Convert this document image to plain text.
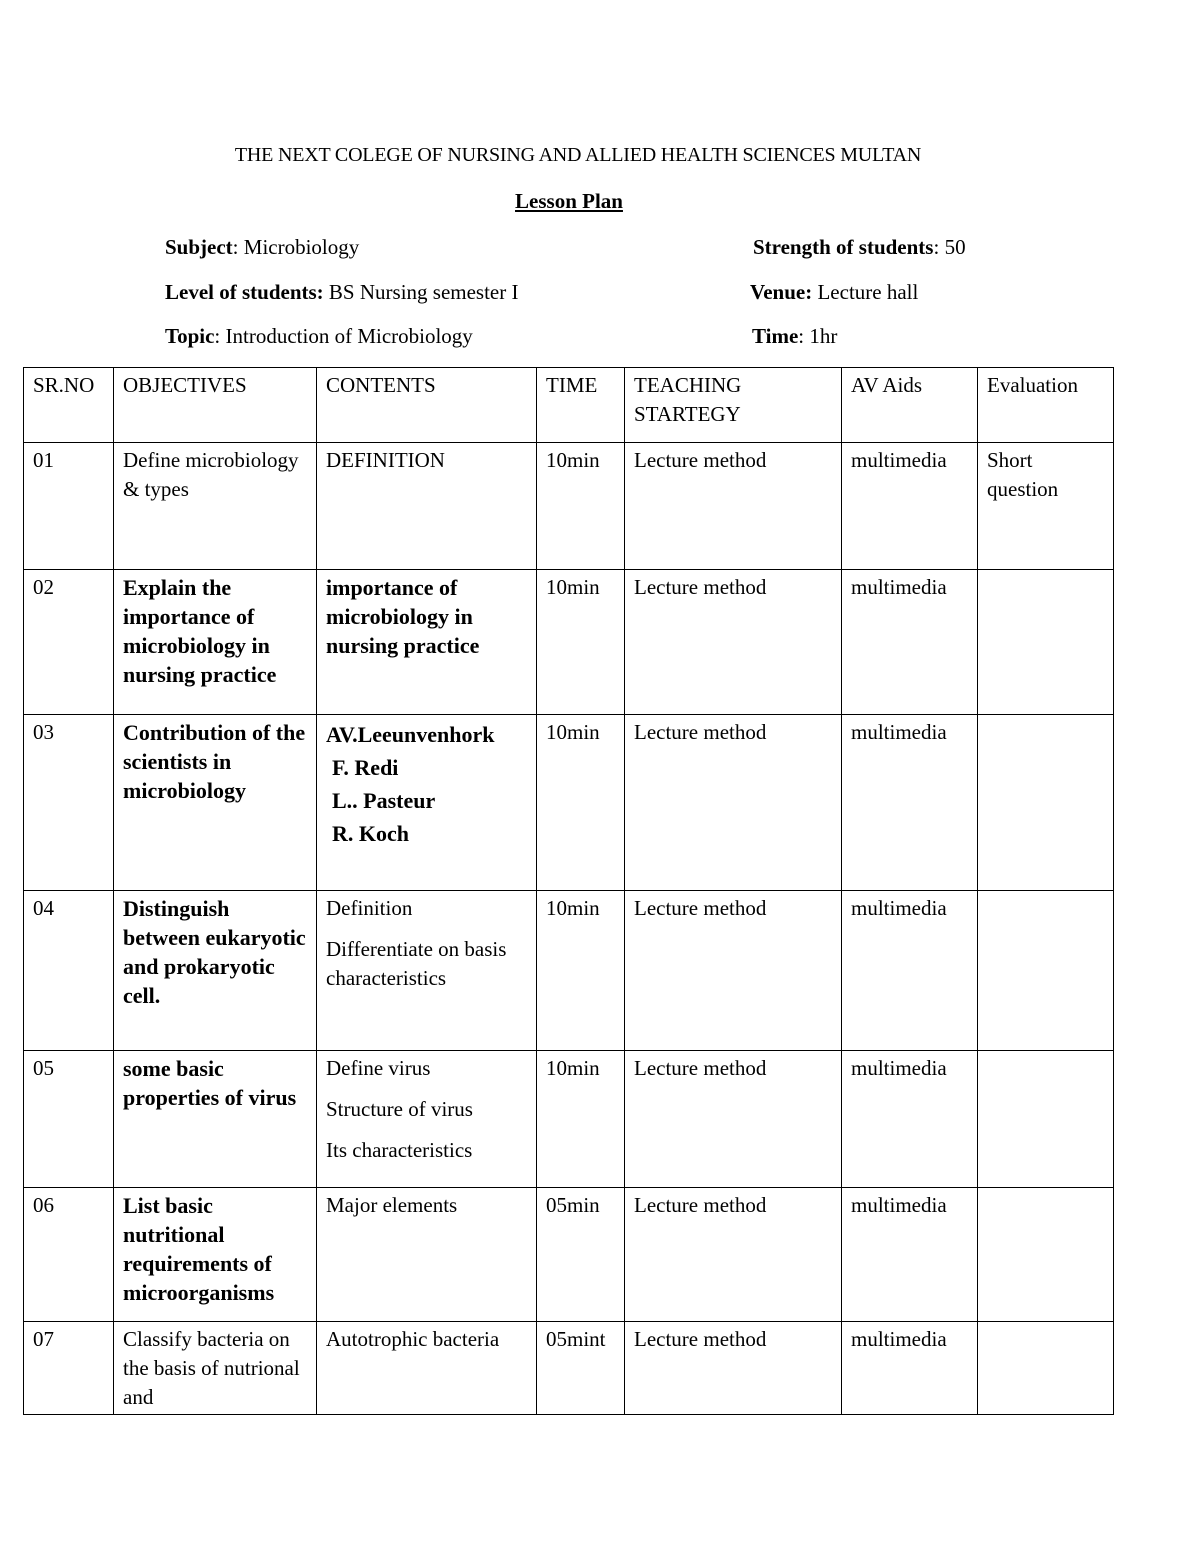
THE NEXT COLEGE OF NURSING AND ALLIED HEALTH SCIENCES MULTAN
Lesson Plan
Subject: Microbiology	Strength of students: 50
Level of students: BS Nursing semester I	Venue: Lecture hall
Topic: Introduction of Microbiology	Time: 1hr
SR.NO	OBJECTIVES	CONTENTS	TIME	TEACHING STARTEGY	AV Aids	Evaluation
01	Define microbiology & types	DEFINITION	10min	Lecture method	multimedia	Short question
02	Explain the importance of microbiology in nursing practice	importance of microbiology in nursing practice	10min	Lecture method	multimedia	
03	Contribution of the scientists in microbiology	AV.Leeunvenhork
F. Redi
L.. Pasteur
R. Koch	10min	Lecture method	multimedia	
04	Distinguish between eukaryotic and prokaryotic cell.	Definition
Differentiate on basis characteristics	10min	Lecture method	multimedia	
05	some basic properties of virus	Define virus
Structure of virus
Its characteristics	10min	Lecture method	multimedia	
06	List basic nutritional requirements of microorganisms	Major elements	05min	Lecture method	multimedia	
07	Classify bacteria on the basis of nutrional and	Autotrophic bacteria	05mint	Lecture method	multimedia	
